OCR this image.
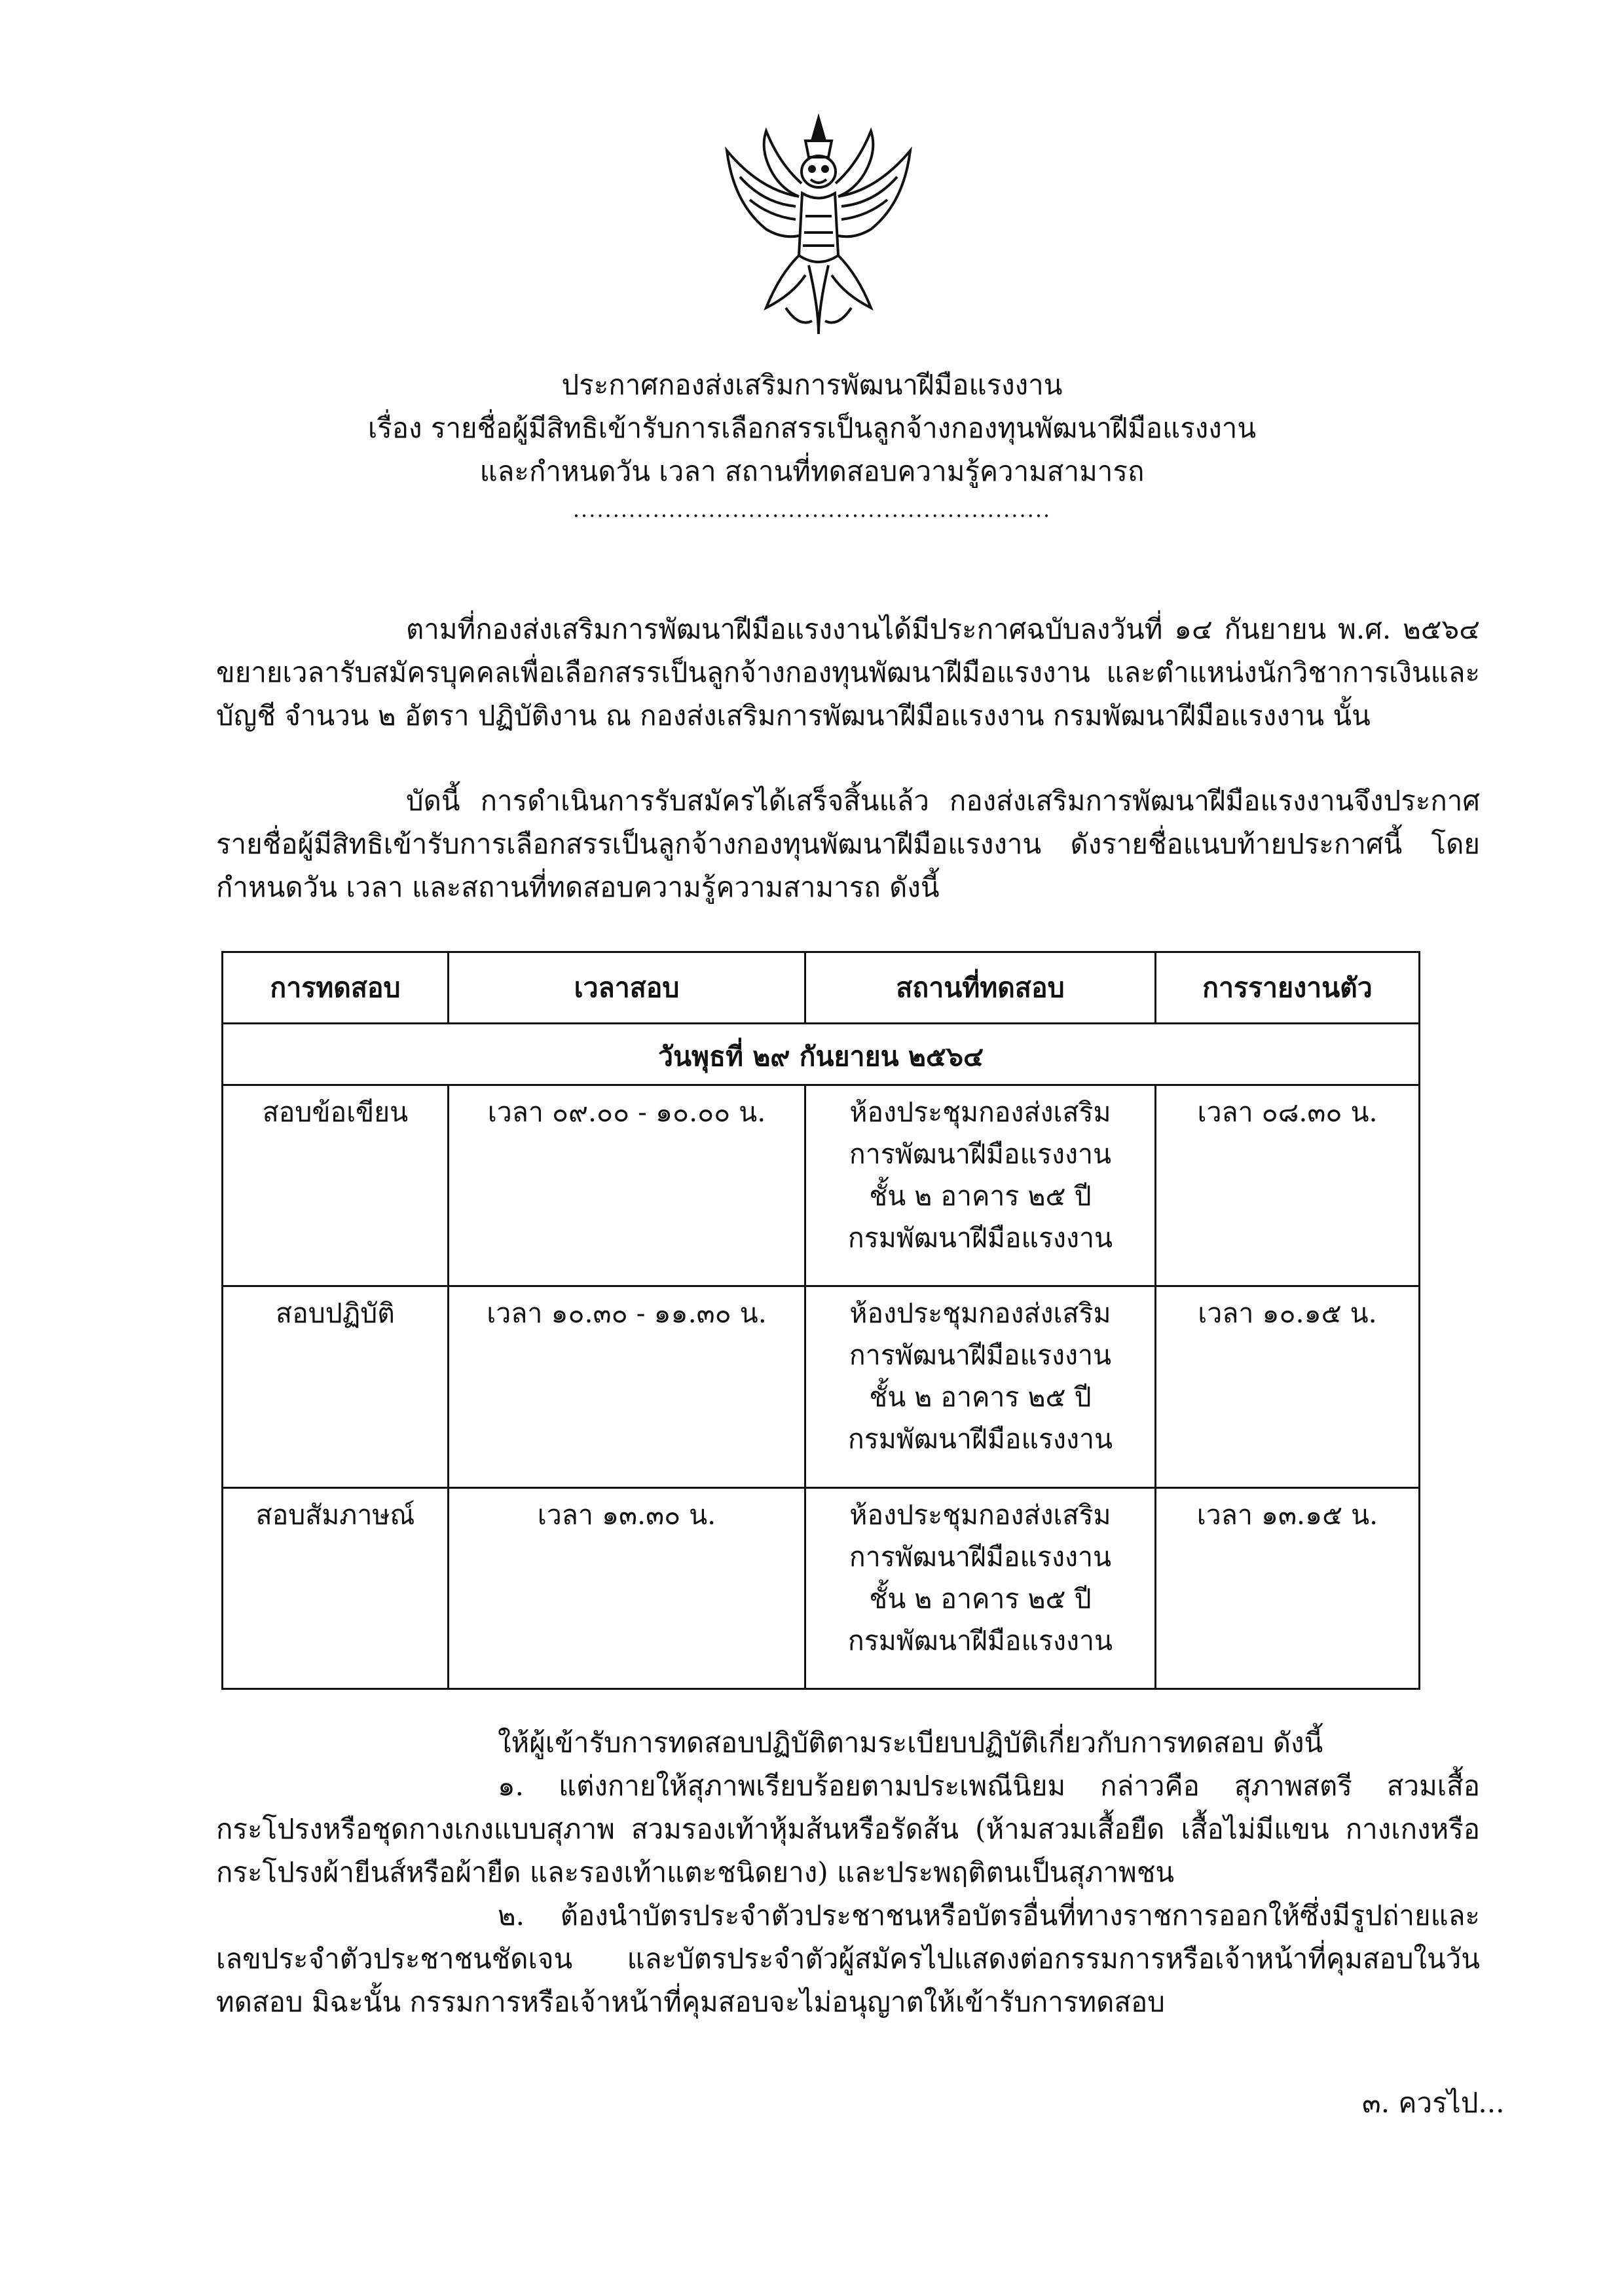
ประกาศกองส่งเสริมการพัฒนาฝีมือแรงงาน
เรื่อง รายชื่อผู้มีสิทธิเข้ารับการเลือกสรรเป็นลูกจ้างกองทุนพัฒนาฝีมือแรงงาน
และกำหนดวัน เวลา สถานที่ทดสอบความรู้ความสามารถ
............................................................
ตามที่กองส่งเสริมการพัฒนาฝีมือแรงงานได้มีประกาศฉบับลงวันที่ ๑๔ กันยายน พ.ศ. ๒๕๖๔ ขยายเวลารับสมัครบุคคลเพื่อเลือกสรรเป็นลูกจ้างกองทุนพัฒนาฝีมือแรงงาน และตำแหน่งนักวิชาการเงินและบัญชี จำนวน ๒ อัตรา ปฏิบัติงาน ณ กองส่งเสริมการพัฒนาฝีมือแรงงาน กรมพัฒนาฝีมือแรงงาน นั้น
บัดนี้ การดำเนินการรับสมัครได้เสร็จสิ้นแล้ว กองส่งเสริมการพัฒนาฝีมือแรงงานจึงประกาศรายชื่อผู้มีสิทธิเข้ารับการเลือกสรรเป็นลูกจ้างกองทุนพัฒนาฝีมือแรงงาน ดังรายชื่อแนบท้ายประกาศนี้ โดยกำหนดวัน เวลา และสถานที่ทดสอบความรู้ความสามารถ ดังนี้
การทดสอบ	เวลาสอบ	สถานที่ทดสอบ	การรายงานตัว
วันพุธที่ ๒๙ กันยายน ๒๕๖๔			
สอบข้อเขียน	เวลา ๐๙.๐๐ - ๑๐.๐๐ น.	ห้องประชุมกองส่งเสริม
การพัฒนาฝีมือแรงงาน
ชั้น ๒ อาคาร ๒๕ ปี
กรมพัฒนาฝีมือแรงงาน	เวลา ๐๘.๓๐ น.
สอบปฏิบัติ	เวลา ๑๐.๓๐ - ๑๑.๓๐ น.	ห้องประชุมกองส่งเสริม
การพัฒนาฝีมือแรงงาน
ชั้น ๒ อาคาร ๒๕ ปี
กรมพัฒนาฝีมือแรงงาน	เวลา ๑๐.๑๕ น.
สอบสัมภาษณ์	เวลา ๑๓.๓๐ น.	ห้องประชุมกองส่งเสริม
การพัฒนาฝีมือแรงงาน
ชั้น ๒ อาคาร ๒๕ ปี
กรมพัฒนาฝีมือแรงงาน	เวลา ๑๓.๑๕ น.

ให้ผู้เข้ารับการทดสอบปฏิบัติตามระเบียบปฏิบัติเกี่ยวกับการทดสอบ ดังนี้

๑. แต่งกายให้สุภาพเรียบร้อยตามประเพณีนิยม กล่าวคือ สุภาพสตรี สวมเสื้อ กระโปรงหรือชุดกางเกงแบบสุภาพ สวมรองเท้าหุ้มส้นหรือรัดส้น (ห้ามสวมเสื้อยืด เสื้อไม่มีแขน กางเกงหรือกระโปรงผ้ายีนส์หรือผ้ายืด และรองเท้าแตะชนิดยาง) และประพฤติตนเป็นสุภาพชน

๒. ต้องนำบัตรประจำตัวประชาชนหรือบัตรอื่นที่ทางราชการออกให้ซึ่งมีรูปถ่ายและเลขประจำตัวประชาชนชัดเจน และบัตรประจำตัวผู้สมัครไปแสดงต่อกรรมการหรือเจ้าหน้าที่คุมสอบในวันทดสอบ มิฉะนั้น กรรมการหรือเจ้าหน้าที่คุมสอบจะไม่อนุญาตให้เข้ารับการทดสอบ

๓. ควรไป...
